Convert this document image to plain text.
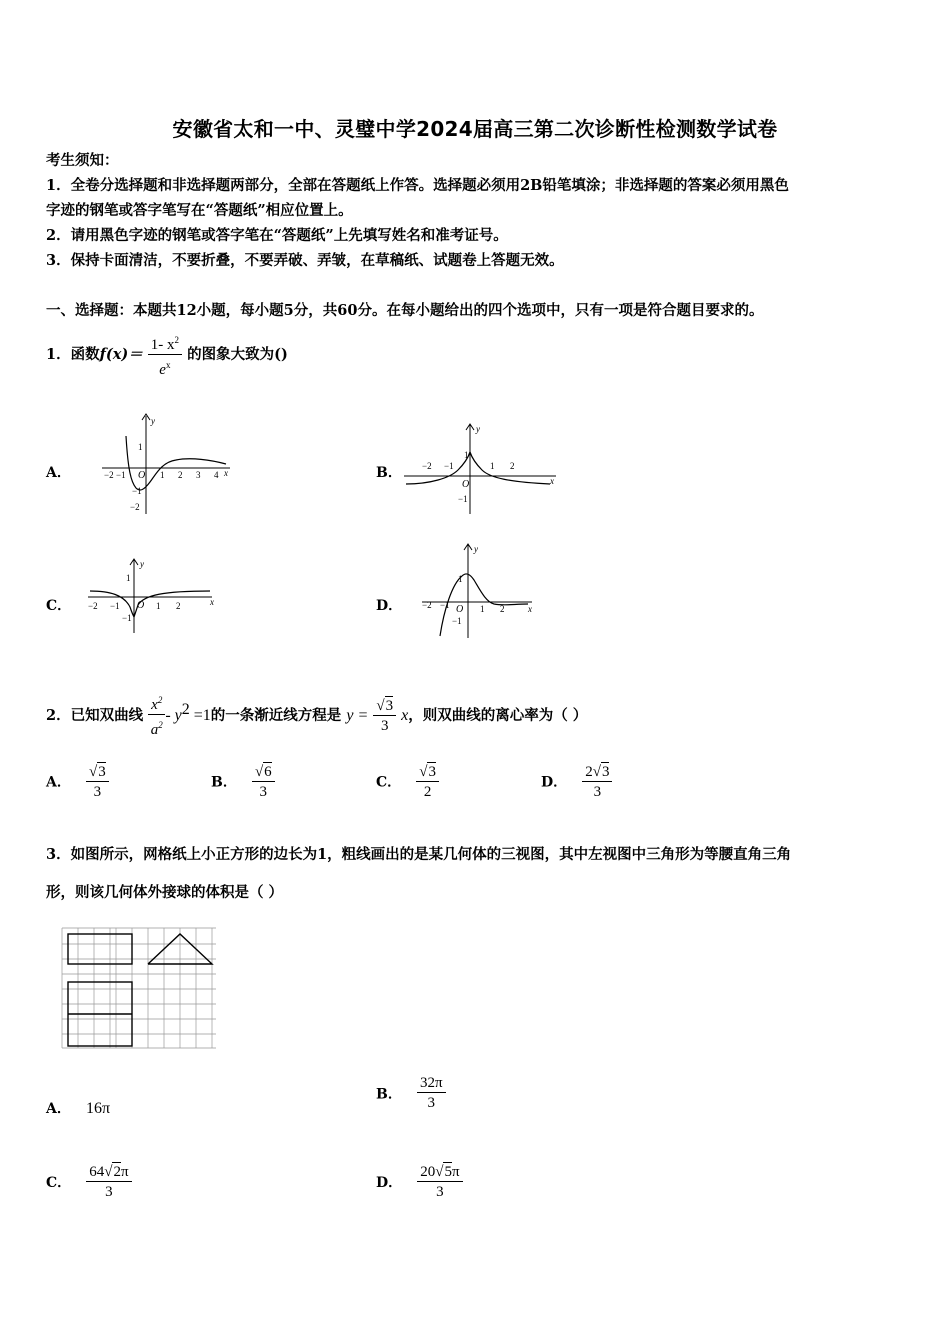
安徽省太和一中、灵璧中学2024届高三第二次诊断性检测数学试卷
考生须知：
1．全卷分选择题和非选择题两部分，全部在答题纸上作答。选择题必须用2B铅笔填涂；非选择题的答案必须用黑色
字迹的钢笔或答字笔写在“答题纸”相应位置上。
2．请用黑色字迹的钢笔或答字笔在“答题纸”上先填写姓名和准考证号。
3．保持卡面清洁，不要折叠，不要弄破、弄皱，在草稿纸、试题卷上答题无效。
一、选择题：本题共12小题，每小题5分，共60分。在每小题给出的四个选项中，只有一项是符合题目要求的。
1．函数$f(x)= \frac{1- x^2}{e^x}$ 的图象大致为()
A．	B．
C．	D．
y
x
O
−2 −1	1 2 3 4
1
−1
−2
y
x
O
−2 −1	1 2
1
−1
y
x
O
−2 −1	1 2
1
−1
y
x
O
−2 −1	1 2
1
−1
2．已知双曲线 $\frac{x^2}{a^2} - y^2 =1$的一条渐近线方程是 $y = \frac{√3}{3}$ x，则双曲线的离心率为（ ）
A． $\frac{√3}{3}$	B． $\frac{√6}{3}$	C． $\frac{√3}{2}$	D． $\frac{2√3}{3}$
3．如图所示，网格纸上小正方形的边长为1，粗线画出的是某几何体的三视图，其中左视图中三角形为等腰直角三角
形，则该几何体外接球的体积是（ ）
A． 16π
B． $\frac{32\pi}{3}$
C． $\frac{64√2\pi}{3}$	D． $\frac{20√5\pi}{3}$
